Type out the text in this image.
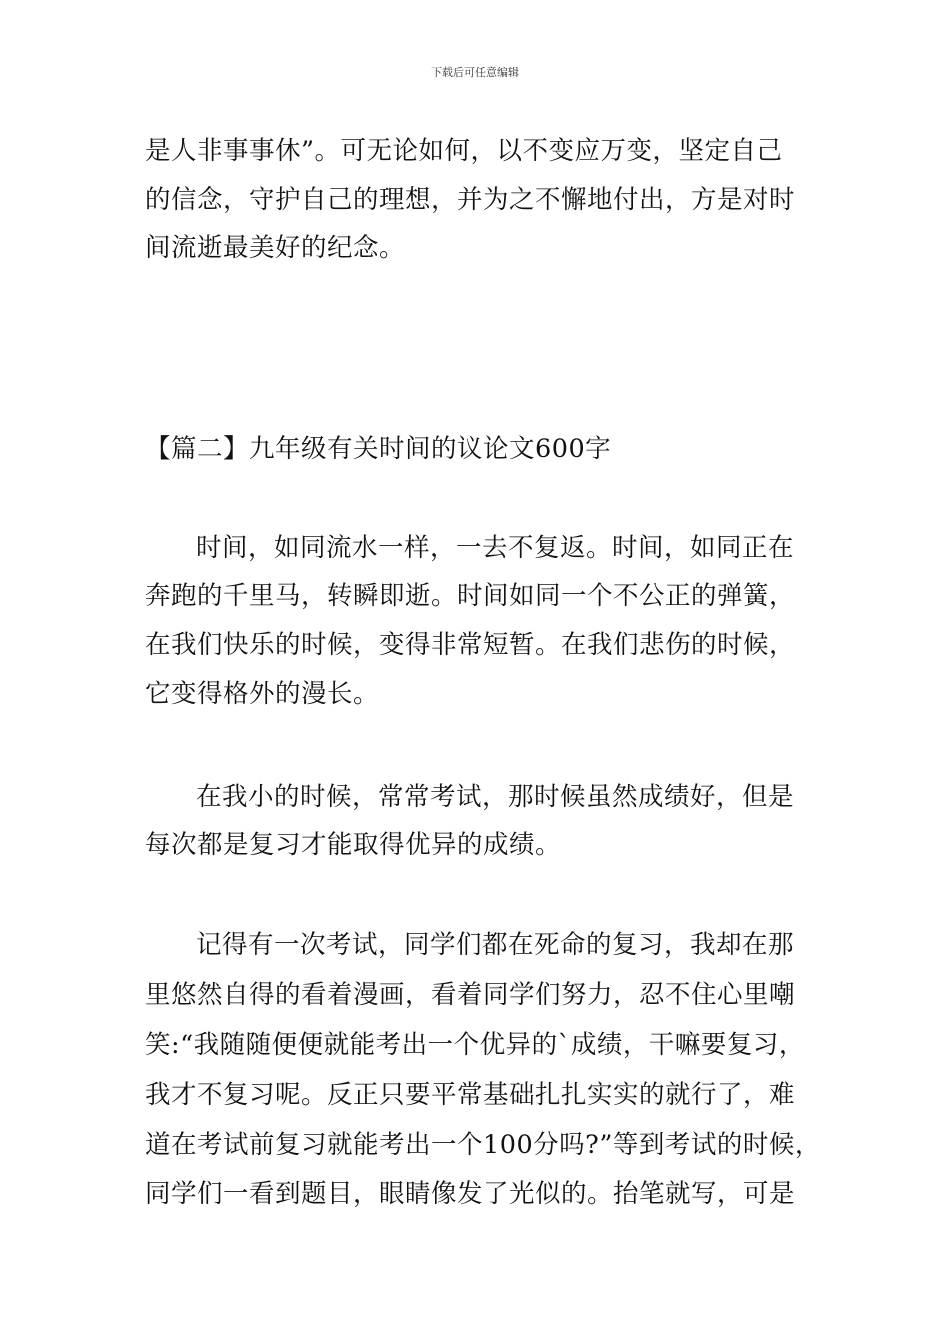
下载后可任意编辑
是人非事事休”。可无论如何，以不变应万变，坚定自己
的信念，守护自己的理想，并为之不懈地付出，方是对时
间流逝最美好的纪念。
【篇二】九年级有关时间的议论文600字
时间，如同流水一样，一去不复返。时间，如同正在
奔跑的千里马，转瞬即逝。时间如同一个不公正的弹簧，
在我们快乐的时候，变得非常短暂。在我们悲伤的时候，
它变得格外的漫长。
在我小的时候，常常考试，那时候虽然成绩好，但是
每次都是复习才能取得优异的成绩。
记得有一次考试，同学们都在死命的复习，我却在那
里悠然自得的看着漫画，看着同学们努力，忍不住心里嘲
笑:“我随随便便就能考出一个优异的`成绩，干嘛要复习，
我才不复习呢。反正只要平常基础扎扎实实的就行了，难
道在考试前复习就能考出一个100分吗?”等到考试的时候，
同学们一看到题目，眼睛像发了光似的。抬笔就写，可是
